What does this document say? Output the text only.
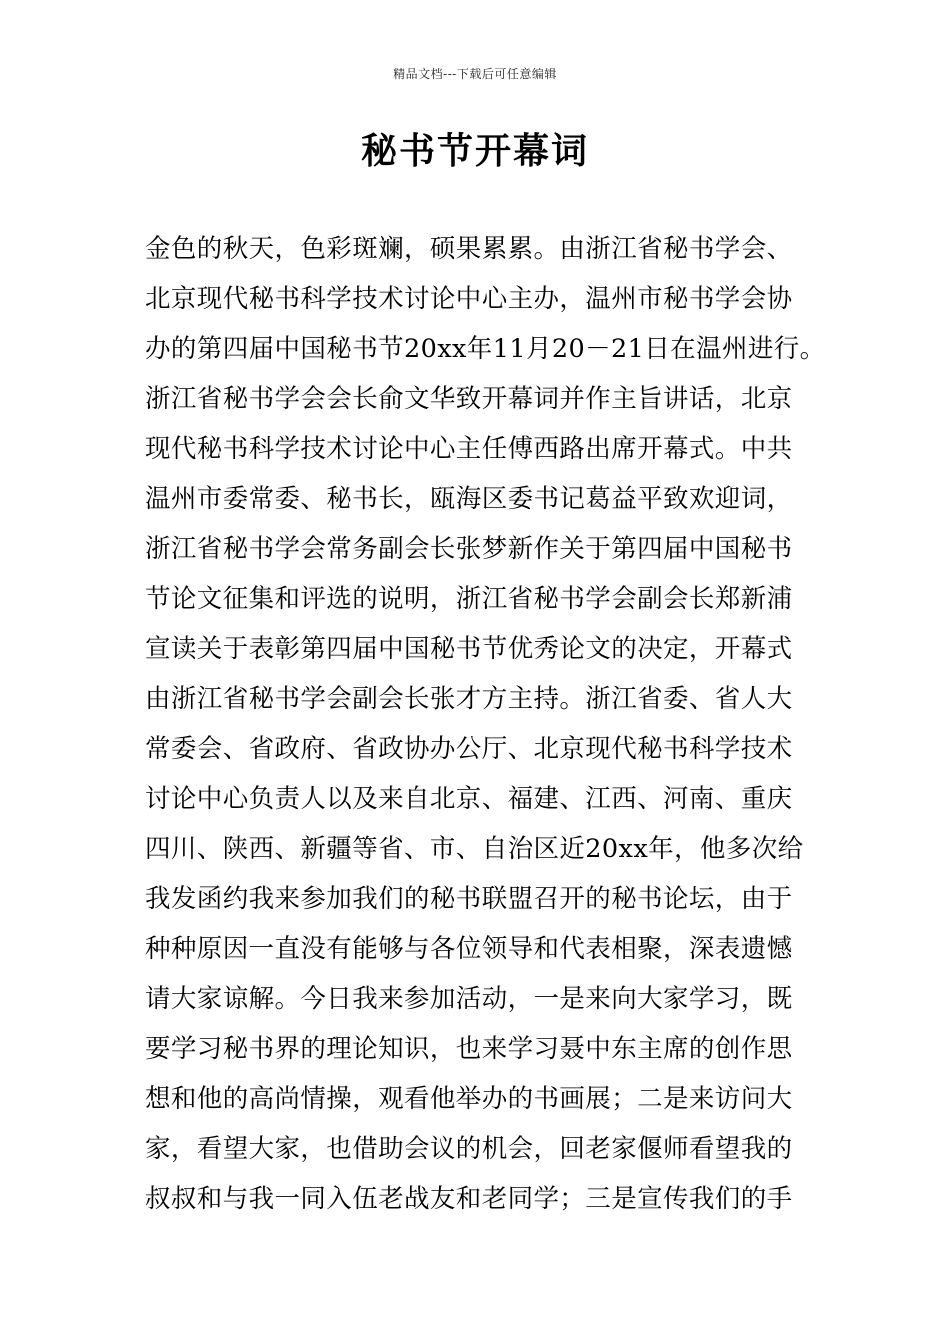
精品文档---下载后可任意编辑
秘书节开幕词
金色的秋天，色彩斑斓，硕果累累。由浙江省秘书学会、
北京现代秘书科学技术讨论中心主办，温州市秘书学会协
办的第四届中国秘书节20xx年11月20－21日在温州进行。
浙江省秘书学会会长俞文华致开幕词并作主旨讲话，北京
现代秘书科学技术讨论中心主任傅西路出席开幕式。中共
温州市委常委、秘书长，瓯海区委书记葛益平致欢迎词，
浙江省秘书学会常务副会长张梦新作关于第四届中国秘书
节论文征集和评选的说明，浙江省秘书学会副会长郑新浦
宣读关于表彰第四届中国秘书节优秀论文的决定，开幕式
由浙江省秘书学会副会长张才方主持。浙江省委、省人大
常委会、省政府、省政协办公厅、北京现代秘书科学技术
讨论中心负责人以及来自北京、福建、江西、河南、重庆
四川、陕西、新疆等省、市、自治区近20xx年，他多次给
我发函约我来参加我们的秘书联盟召开的秘书论坛，由于
种种原因一直没有能够与各位领导和代表相聚，深表遗憾
请大家谅解。今日我来参加活动，一是来向大家学习，既
要学习秘书界的理论知识，也来学习聂中东主席的创作思
想和他的高尚情操，观看他举办的书画展；二是来访问大
家，看望大家，也借助会议的机会，回老家偃师看望我的
叔叔和与我一同入伍老战友和老同学；三是宣传我们的手
